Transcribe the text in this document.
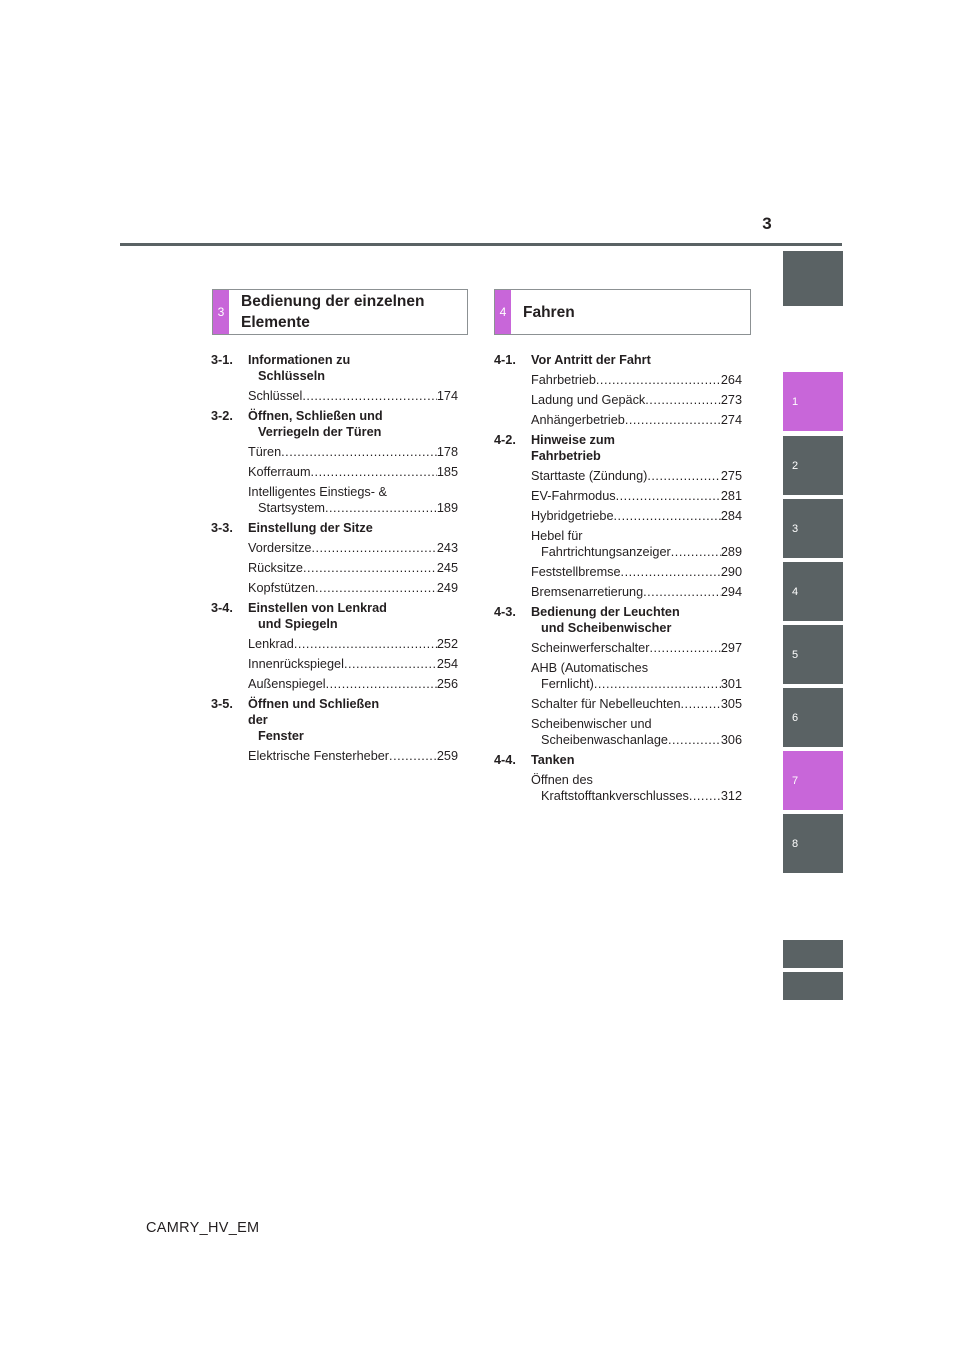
3
1
2
3
4
5
6
7
8
3
Bedienung der einzelnen
Elemente
4	Fahren
3-1.	Informationen zu
Schlüsseln
Schlüssel .....	174
3-2.	Öffnen, Schließen und
Verriegeln der Türen
Türen .....	178
Kofferraum .....	185
Intelligentes Einstiegs- &
Startsystem .....	189
3-3.	Einstellung der Sitze
Vordersitze .....	243
Rücksitze .....	245
Kopfstützen .....	249
3-4.	Einstellen von Lenkrad
und Spiegeln
Lenkrad .....	252
Innenrückspiegel .....	254
Außenspiegel .....	256
3-5.	Öffnen und Schließen der
Fenster
Elektrische Fensterheber .....	259
4-1.	Vor Antritt der Fahrt
Fahrbetrieb .....	264
Ladung und Gepäck .....	273
Anhängerbetrieb .....	274
4-2.	Hinweise zum Fahrbetrieb
Starttaste (Zündung) .....	275
EV-Fahrmodus .....	281
Hybridgetriebe .....	284
Hebel für
Fahrtrichtungsanzeiger .....	289
Feststellbremse .....	290
Bremsenarretierung .....	294
4-3.	Bedienung der Leuchten
und Scheibenwischer
Scheinwerferschalter .....	297
AHB (Automatisches
Fernlicht) .....	301
Schalter für Nebelleuchten .....	305
Scheibenwischer und
Scheibenwaschanlage .....	306
4-4.	Tanken
Öffnen des
Kraftstofftankverschlusses .....	312
CAMRY_HV_EM
